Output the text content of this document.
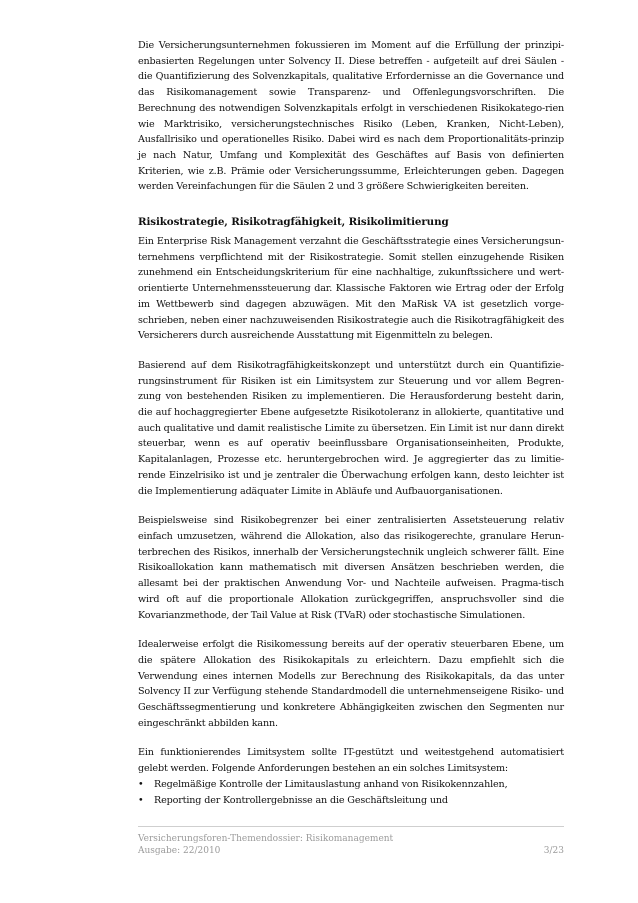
Die Versicherungsunternehmen fokussieren im Moment auf die Erfüllung der prinzipi-enbasierten Regelungen unter Solvency II. Diese betreffen - aufgeteilt auf drei Säulen - die Quantifizierung des Solvenzkapitals, qualitative Erfordernisse an die Governance und das Risikomanagement sowie Transparenz- und Offenlegungsvorschriften. Die Berechnung des notwendigen Solvenzkapitals erfolgt in verschiedenen Risikokatego-rien wie Marktrisiko, versicherungstechnisches Risiko (Leben, Kranken, Nicht-Leben), Ausfallrisiko und operationelles Risiko. Dabei wird es nach dem Proportionalitäts-prinzip je nach Natur, Umfang und Komplexität des Geschäftes auf Basis von definierten Kriterien, wie z.B. Prämie oder Versicherungssumme, Erleichterungen geben. Dagegen werden Vereinfachungen für die Säulen 2 und 3 größere Schwierigkeiten bereiten.

Risikostrategie, Risikotragfähigkeit, Risikolimitierung

Ein Enterprise Risk Management verzahnt die Geschäftsstrategie eines Versicherungsun-ternehmens verpflichtend mit der Risikostrategie. Somit stellen einzugehende Risiken zunehmend ein Entscheidungskriterium für eine nachhaltige, zukunftssichere und wert-orientierte Unternehmenssteuerung dar. Klassische Faktoren wie Ertrag oder der Erfolg im Wettbewerb sind dagegen abzuwägen. Mit den MaRisk VA ist gesetzlich vorge-schrieben, neben einer nachzuweisenden Risikostrategie auch die Risikotragfähigkeit des Versicherers durch ausreichende Ausstattung mit Eigenmitteln zu belegen.

Basierend auf dem Risikotragfähigkeitskonzept und unterstützt durch ein Quantifizie-rungsinstrument für Risiken ist ein Limitsystem zur Steuerung und vor allem Begren-zung von bestehenden Risiken zu implementieren. Die Herausforderung besteht darin, die auf hochaggregierter Ebene aufgesetzte Risikotoleranz in allokierte, quantitative und auch qualitative und damit realistische Limite zu übersetzen. Ein Limit ist nur dann direkt steuerbar, wenn es auf operativ beeinflussbare Organisationseinheiten, Produkte, Kapitalanlagen, Prozesse etc. heruntergebrochen wird. Je aggregierter das zu limitie-rende Einzelrisiko ist und je zentraler die Überwachung erfolgen kann, desto leichter ist die Implementierung adäquater Limite in Abläufe und Aufbauorganisationen.

Beispielsweise sind Risikobegrenzer bei einer zentralisierten Assetsteuerung relativ einfach umzusetzen, während die Allokation, also das risikogerechte, granulare Herun-terbrechen des Risikos, innerhalb der Versicherungstechnik ungleich schwerer fällt. Eine Risikoallokation kann mathematisch mit diversen Ansätzen beschrieben werden, die allesamt bei der praktischen Anwendung Vor- und Nachteile aufweisen. Pragma-tisch wird oft auf die proportionale Allokation zurückgegriffen, anspruchsvoller sind die Kovarianzmethode, der Tail Value at Risk (TVaR) oder stochastische Simulationen.

Idealerweise erfolgt die Risikomessung bereits auf der operativ steuerbaren Ebene, um die spätere Allokation des Risikokapitals zu erleichtern. Dazu empfiehlt sich die Verwendung eines internen Modells zur Berechnung des Risikokapitals, da das unter Solvency II zur Verfügung stehende Standardmodell die unternehmenseigene Risiko- und Geschäftssegmentierung und konkretere Abhängigkeiten zwischen den Segmenten nur eingeschränkt abbilden kann.

Ein funktionierendes Limitsystem sollte IT-gestützt und weitestgehend automatisiert gelebt werden. Folgende Anforderungen bestehen an ein solches Limitsystem:

• Regelmäßige Kontrolle der Limitauslastung anhand von Risikokennzahlen,
• Reporting der Kontrollergebnisse an die Geschäftsleitung und
Versicherungsforen-Themendossier: Risikomanagement
Ausgabe: 22/2010	3/23
